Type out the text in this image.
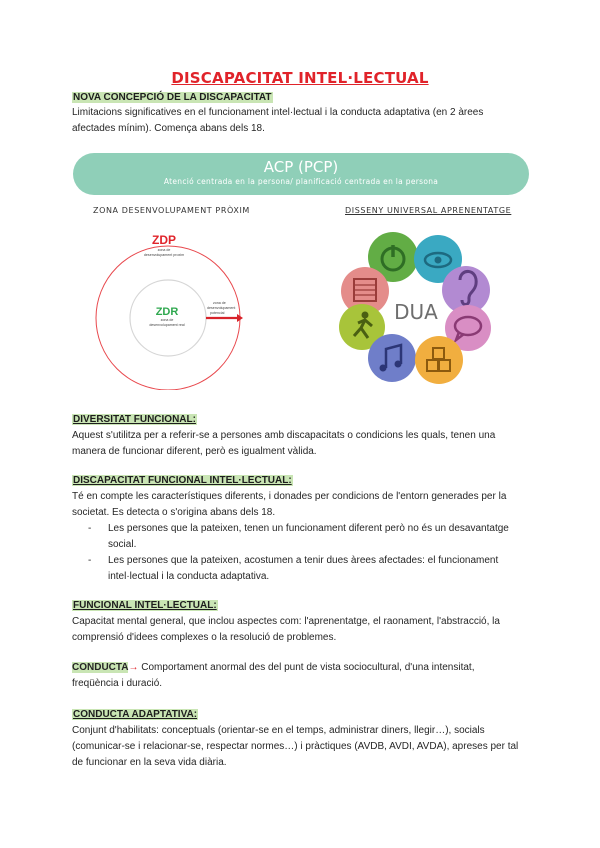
DISCAPACITAT INTEL·LECTUAL
NOVA CONCEPCIÓ DE LA DISCAPACITAT
Limitacions significatives en el funcionament intel·lectual i la conducta adaptativa (en 2 àrees
afectades mínim). Comença abans dels 18.
ACP (PCP)
Atenció centrada en la persona/ planificació centrada en la persona
ZONA DESENVOLUPAMENT PRÒXIM	DISSENY UNIVERSAL APRENENTATGE
ZDP
zona de
desenvolupament proxim
ZDR
zona de
desenvolupament real
zona de
desenvolupament
potencial	DUA
DIVERSITAT FUNCIONAL:
Aquest s'utilitza per a referir-se a persones amb discapacitats o condicions les quals, tenen una
manera de funcionar diferent, però es igualment vàlida.
DISCAPACITAT FUNCIONAL INTEL·LECTUAL:
Té en compte les característiques diferents, i donades per condicions de l'entorn generades per la
societat. Es detecta o s'origina abans dels 18.
- Les persones que la pateixen, tenen un funcionament diferent però no és un desavantatge
social.
- Les persones que la pateixen, acostumen a tenir dues àrees afectades: el funcionament
intel·lectual i la conducta adaptativa.
FUNCIONAL INTEL·LECTUAL:
Capacitat mental general, que inclou aspectes com: l'aprenentatge, el raonament, l'abstracció, la
comprensió d'idees complexes o la resolució de problemes.
CONDUCTA→ Comportament anormal des del punt de vista sociocultural, d'una intensitat,
freqüència i duració.
CONDUCTA ADAPTATIVA:
Conjunt d'habilitats: conceptuals (orientar-se en el temps, administrar diners, llegir…), socials
(comunicar-se i relacionar-se, respectar normes…) i pràctiques (AVDB, AVDI, AVDA), apreses per tal
de funcionar en la seva vida diària.
